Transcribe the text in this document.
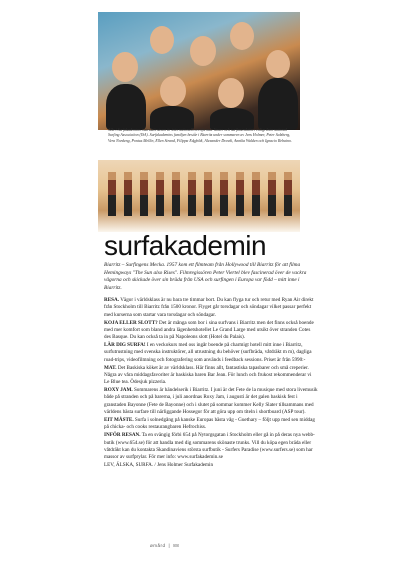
Alla i Surfakademins instruktörsteam är internationellt certifierade lärare och surfinstruktörer enligt International Surfing Association (ISA). Surfakademins familjen består i Biarritz under sommaren av Jens Holmer, Peter Salzberg, Vera Nordeng, Pontus Mellin, Ellen Strand, Filippa Edgfeldt, Alexander Dravik, Annika Walden och Ignacio Rebaino.
surfakademin
Biarritz – Surfingens Mecka. 1957 kom ett filmteam från Hollywood till Biarritz för att filma Hemingways "The Sun also Rises". Filmregissören Peter Viertel blev fascinerad över de vackra vågorna och skickade över sin bräda från USA och surfingen i Europa var född – mitt inne i Biarritz.

RESA. Vägor i världsklass är nu bara tre timmar bort. Du kan flyga tur och retur med Ryan Air direkt från Stockholm till Biarritz från 1500 kronor. Flyget går torsdagar och söndagar vilket passar perfekt med kurserna som startar vara torsdagar och söndagar.

KOJA ELLER SLOTT? Det är många som bor i sina surfvans i Biarritz men det finns också boende med mer komfort som bland andra lägenhetshotellet Le Grand Large med utsikt över stranden Cotes des Basque. Du kan också ta in på Napoleons slott (Hotel du Palais).

LÄR DIG SURFA! I en veckokurs med oss ingår boende på charmigt hotell mitt inne i Biarritz, surfutrustning med svenska instruktörer, all utrustning du behöver (surfbräda, våtdräkt m m), dagliga road-trips, videofilmning och fotografering som används i feedback sessions. Priset är från 5990:-

MAT. Det Baskiska köket är av världsklass. Här finns allt, fantastiska tapasbarer och små creperier. Några av våra middagsfavoriter är baskiska baren Bar Jean. För lunch och frukost rekommenderar vi Le Blue tea. Ödesjuk pizzeria.

ROXY JAM. Sommarens är händelserik i Biarritz. I juni är det Fete de la musique med stora livemusik både på stranden och på barerna, i juli anordnas Roxy Jam, i augusti är det galen baskisk fest i granstaden Bayonne (Fete de Bayonne) och i slutet på sommar kommer Kelly Slater tillsammans med världens bästa surfare till närliggande Hossegor för att göra upp om titeln i shortboard (ASP tour).

EIT MÅSTE. Surfa i solnedgång på kanske Europas bästa våg - Guethary – följt upp med sen middag på chicka- och cooks restaurangbaren Hefrochiss.

INFÖR RESAN. Ta en svängig förbi 654 på Nytorgsgatan i Stockholm eller gå in på deras nya webb-butik (www.654.se) för att handla med dig sommarens skönaste trunks. Vill du köpa egen bräda eller våtdräkt kan du kontakta Skandinaviens största surfbutik - Surfers Paradise (www.surfers.se) som har massor av surfprylar. För mer info: www.surfakademin.se

LEV, ÄLSKA, SURFA. / Jens Holmer Surfakademin

ømård | 88
